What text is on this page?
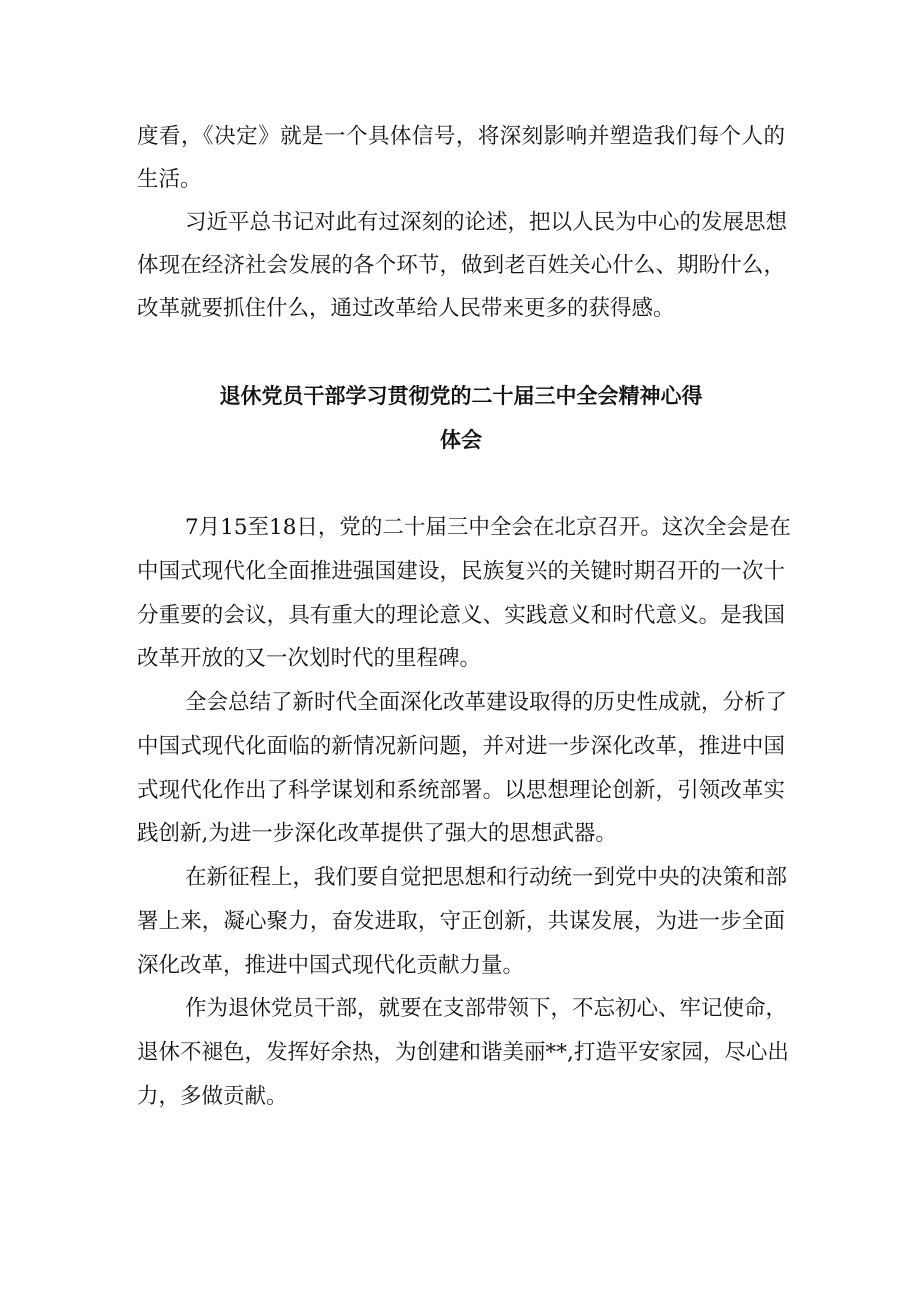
度看，《决定》就是一个具体信号，将深刻影响并塑造我们每个人的
生活。
习近平总书记对此有过深刻的论述，把以人民为中心的发展思想
体现在经济社会发展的各个环节，做到老百姓关心什么、期盼什么，
改革就要抓住什么，通过改革给人民带来更多的获得感。
退休党员干部学习贯彻党的二十届三中全会精神心得
体会
7月15至18日，党的二十届三中全会在北京召开。这次全会是在
中国式现代化全面推进强国建设，民族复兴的关键时期召开的一次十
分重要的会议，具有重大的理论意义、实践意义和时代意义。是我国
改革开放的又一次划时代的里程碑。
全会总结了新时代全面深化改革建设取得的历史性成就，分析了
中国式现代化面临的新情况新问题，并对进一步深化改革，推进中国
式现代化作出了科学谋划和系统部署。以思想理论创新，引领改革实
践创新,为进一步深化改革提供了强大的思想武器。
在新征程上，我们要自觉把思想和行动统一到党中央的决策和部
署上来，凝心聚力，奋发进取，守正创新，共谋发展，为进一步全面
深化改革，推进中国式现代化贡献力量。
作为退休党员干部，就要在支部带领下，不忘初心、牢记使命，
退休不褪色，发挥好余热，为创建和谐美丽**,打造平安家园，尽心出
力，多做贡献。
